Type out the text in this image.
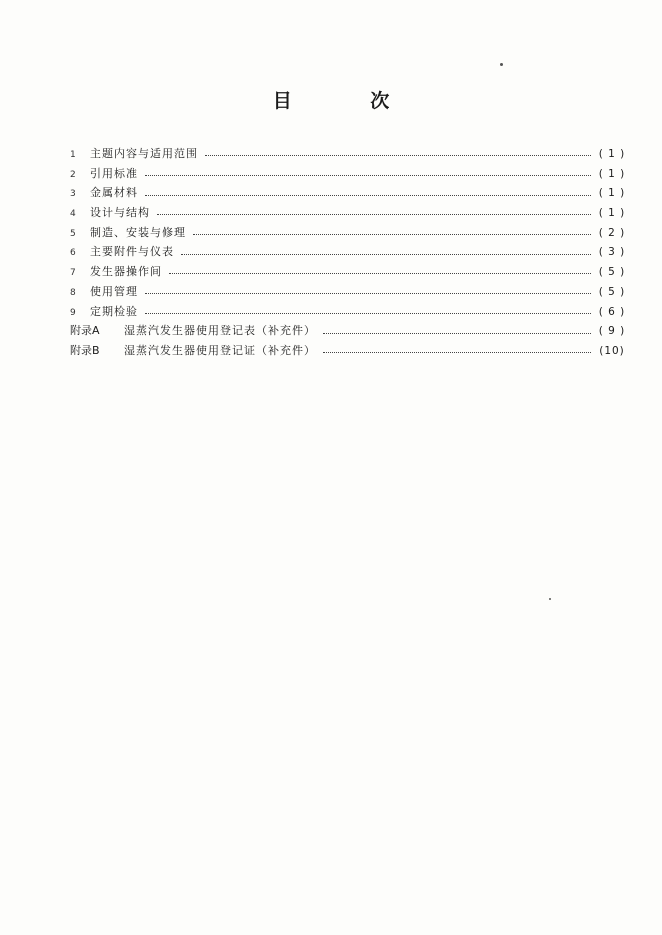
目 次
1	主题内容与适用范围	( 1 )
2	引用标准	( 1 )
3	金属材料	( 1 )
4	设计与结构	( 1 )
5	制造、安装与修理	( 2 )
6	主要附件与仪表	( 3 )
7	发生器操作间	( 5 )
8	使用管理	( 5 )
9	定期检验	( 6 )
附录A	湿蒸汽发生器使用登记表（补充件）	( 9 )
附录B	湿蒸汽发生器使用登记证（补充件）	(10)
